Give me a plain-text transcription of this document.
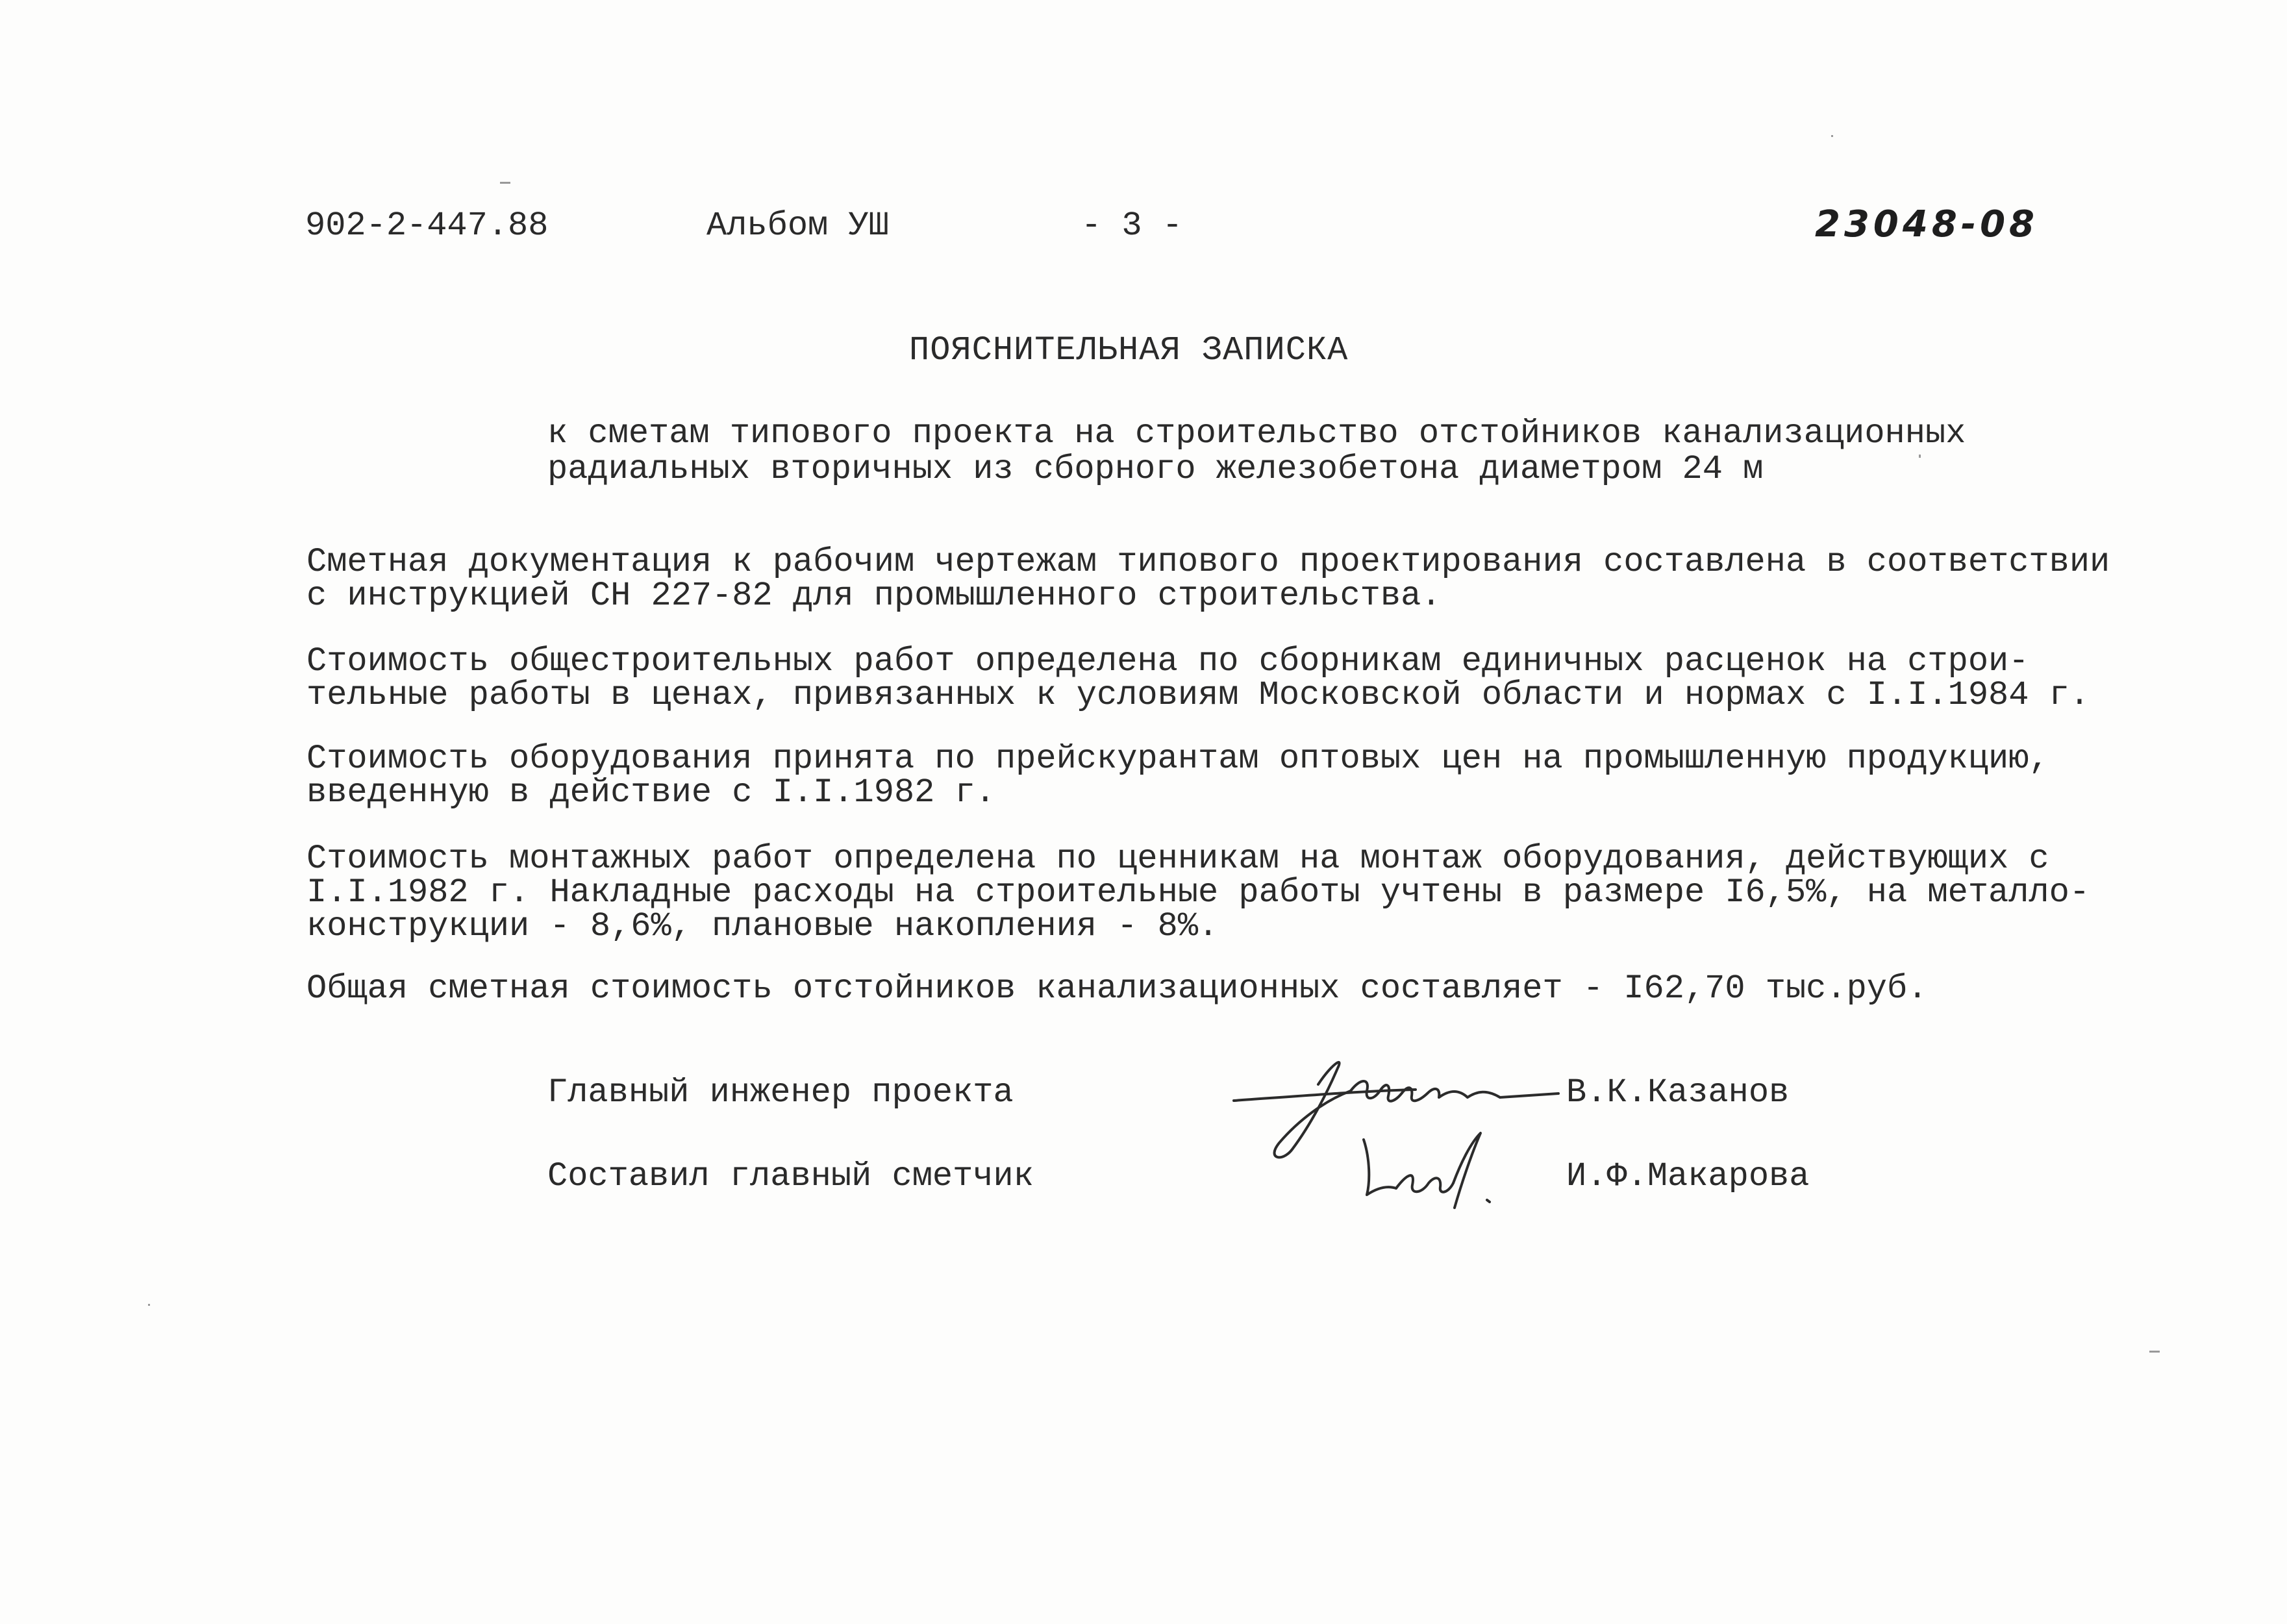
902-2-447.88	Альбом УШ	- 3 -	23048-08
ПОЯСНИТЕЛЬНАЯ ЗАПИСКА
к сметам типового проекта на строительство отстойников канализационных
радиальных вторичных из сборного железобетона диаметром 24 м
Сметная документация к рабочим чертежам типового проектирования составлена в соответствии
с инструкцией СН 227-82 для промышленного строительства.
Стоимость общестроительных работ определена по сборникам единичных расценок на строи-
тельные работы в ценах, привязанных к условиям Московской области и нормах с I.I.1984 г.
Стоимость оборудования принята по прейскурантам оптовых цен на промышленную продукцию,
введенную в действие с I.I.1982 г.
Стоимость монтажных работ определена по ценникам на монтаж оборудования, действующих с
I.I.1982 г. Накладные расходы на строительные работы учтены в размере I6,5%, на металло-
конструкции - 8,6%, плановые накопления - 8%.
Общая сметная стоимость отстойников канализационных составляет - I62,70 тыс.руб.
Главный инженер проекта	В.К.Казанов
Составил главный сметчик	И.Ф.Макарова
